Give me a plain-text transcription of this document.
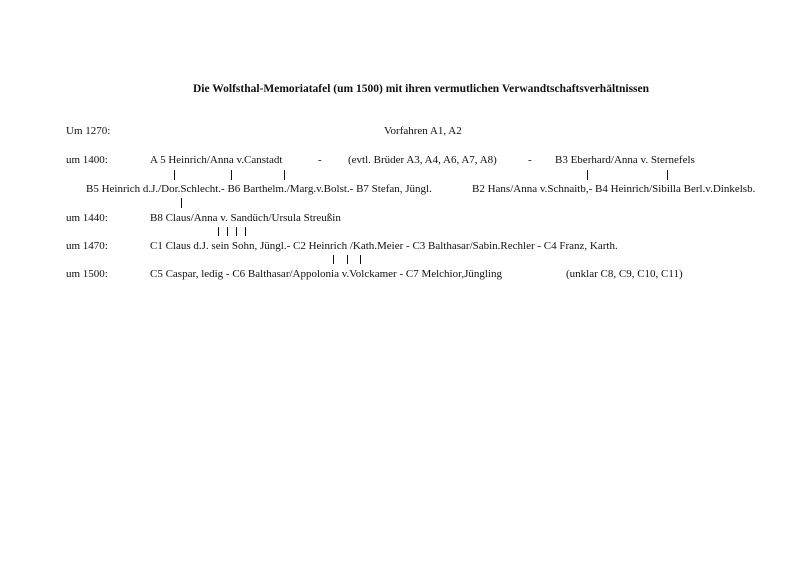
Die Wolfsthal-Memoriatafel (um 1500) mit ihren vermutlichen Verwandtschaftsverhältnissen
Um 1270:	Vorfahren A1, A2
um 1400:	A 5 Heinrich/Anna v.Canstadt	- (evtl. Brüder A3, A4, A6, A7, A8)	- B3 Eberhard/Anna v. Sternefels
B5 Heinrich d.J./Dor.Schlecht.- B6 Barthelm./Marg.v.Bolst.- B7 Stefan, Jüngl.	B2 Hans/Anna v.Schnaitb,- B4 Heinrich/Sibilla Berl.v.Dinkelsb.
um 1440:	B8 Claus/Anna v. Sandüch/Ursula Streußin
um 1470:	C1 Claus d.J. sein Sohn, Jüngl.- C2 Heinrich /Kath.Meier - C3 Balthasar/Sabin.Rechler - C4 Franz, Karth.
um 1500:	C5 Caspar, ledig - C6 Balthasar/Appolonia v.Volckamer - C7 Melchior,Jüngling	(unklar C8, C9, C10, C11)
